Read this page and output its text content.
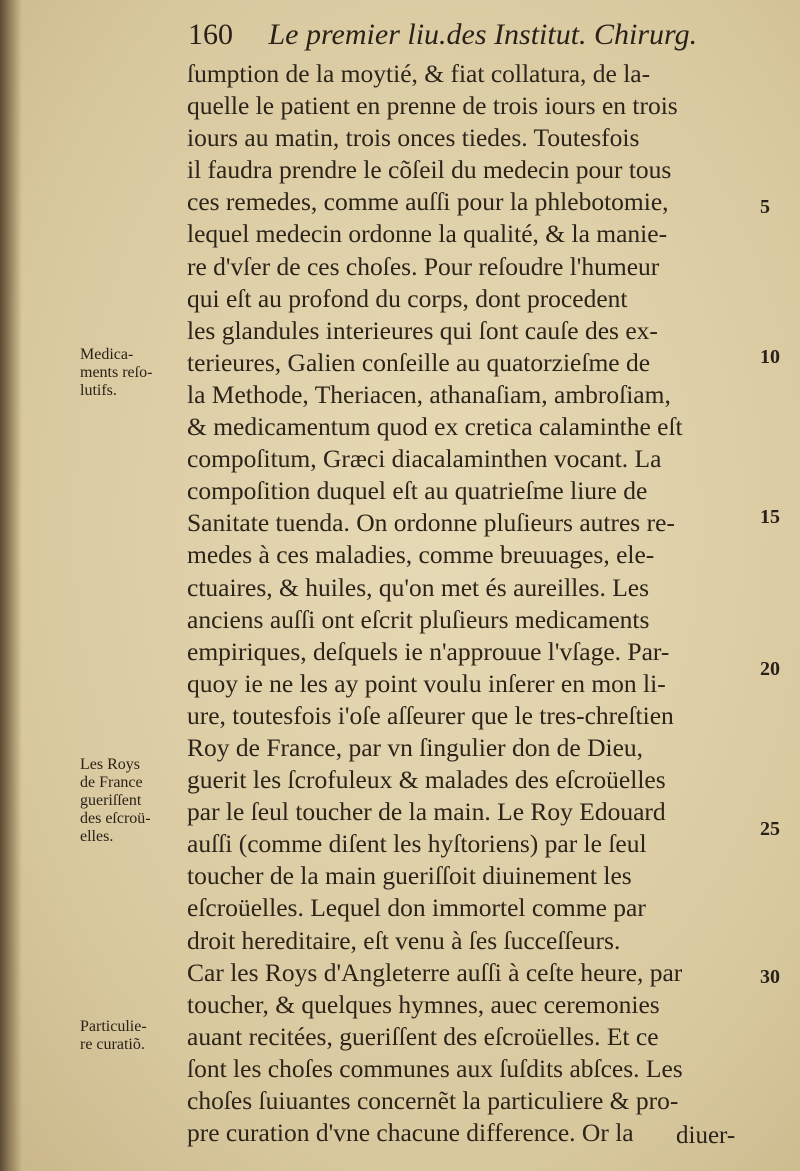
160 Le premier liu.des Institut. Chirurg.
ſumption de la moytié, & fiat collatura, de la-
quelle le patient en prenne de trois iours en trois
iours au matin, trois onces tiedes. Toutesfois
il faudra prendre le cõſeil du medecin pour tous
ces remedes, comme auſſi pour la phlebotomie,
lequel medecin ordonne la qualité, & la manie-
re d'vſer de ces choſes. Pour reſoudre l'humeur
qui eſt au profond du corps, dont procedent
les glandules interieures qui ſont cauſe des ex-
terieures, Galien conſeille au quatorzieſme de
la Methode, Theriacen, athanaſiam, ambroſiam,
& medicamentum quod ex cretica calaminthe eſt
compoſitum, Græci diacalaminthen vocant. La
compoſition duquel eſt au quatrieſme liure de
Sanitate tuenda. On ordonne pluſieurs autres re-
medes à ces maladies, comme breuuages, ele-
ctuaires, & huiles, qu'on met és aureilles. Les
anciens auſſi ont eſcrit pluſieurs medicaments
empiriques, deſquels ie n'approuue l'vſage. Par-
quoy ie ne les ay point voulu inſerer en mon li-
ure, toutesfois i'oſe aſſeurer que le tres-chreſtien
Roy de France, par vn ſingulier don de Dieu,
guerit les ſcrofuleux & malades des eſcroüelles
par le ſeul toucher de la main. Le Roy Edouard
auſſi (comme diſent les hyſtoriens) par le ſeul
toucher de la main gueriſſoit diuinement les
eſcroüelles. Lequel don immortel comme par
droit hereditaire, eſt venu à ſes ſucceſſeurs.
Car les Roys d'Angleterre auſſi à ceſte heure, par
toucher, & quelques hymnes, auec ceremonies
auant recitées, gueriſſent des eſcroüelles. Et ce
ſont les choſes communes aux ſuſdits abſces. Les
choſes ſuiuantes concernẽt la particuliere & pro-
pre curation d'vne chacune difference. Or la
Medica-
ments reſo-
lutifs.
Les Roys
de France
gueriſſent
des eſcroü-
elles.
Particulie-
re curatiõ.
5
10
15
20
25
30
diuer-
